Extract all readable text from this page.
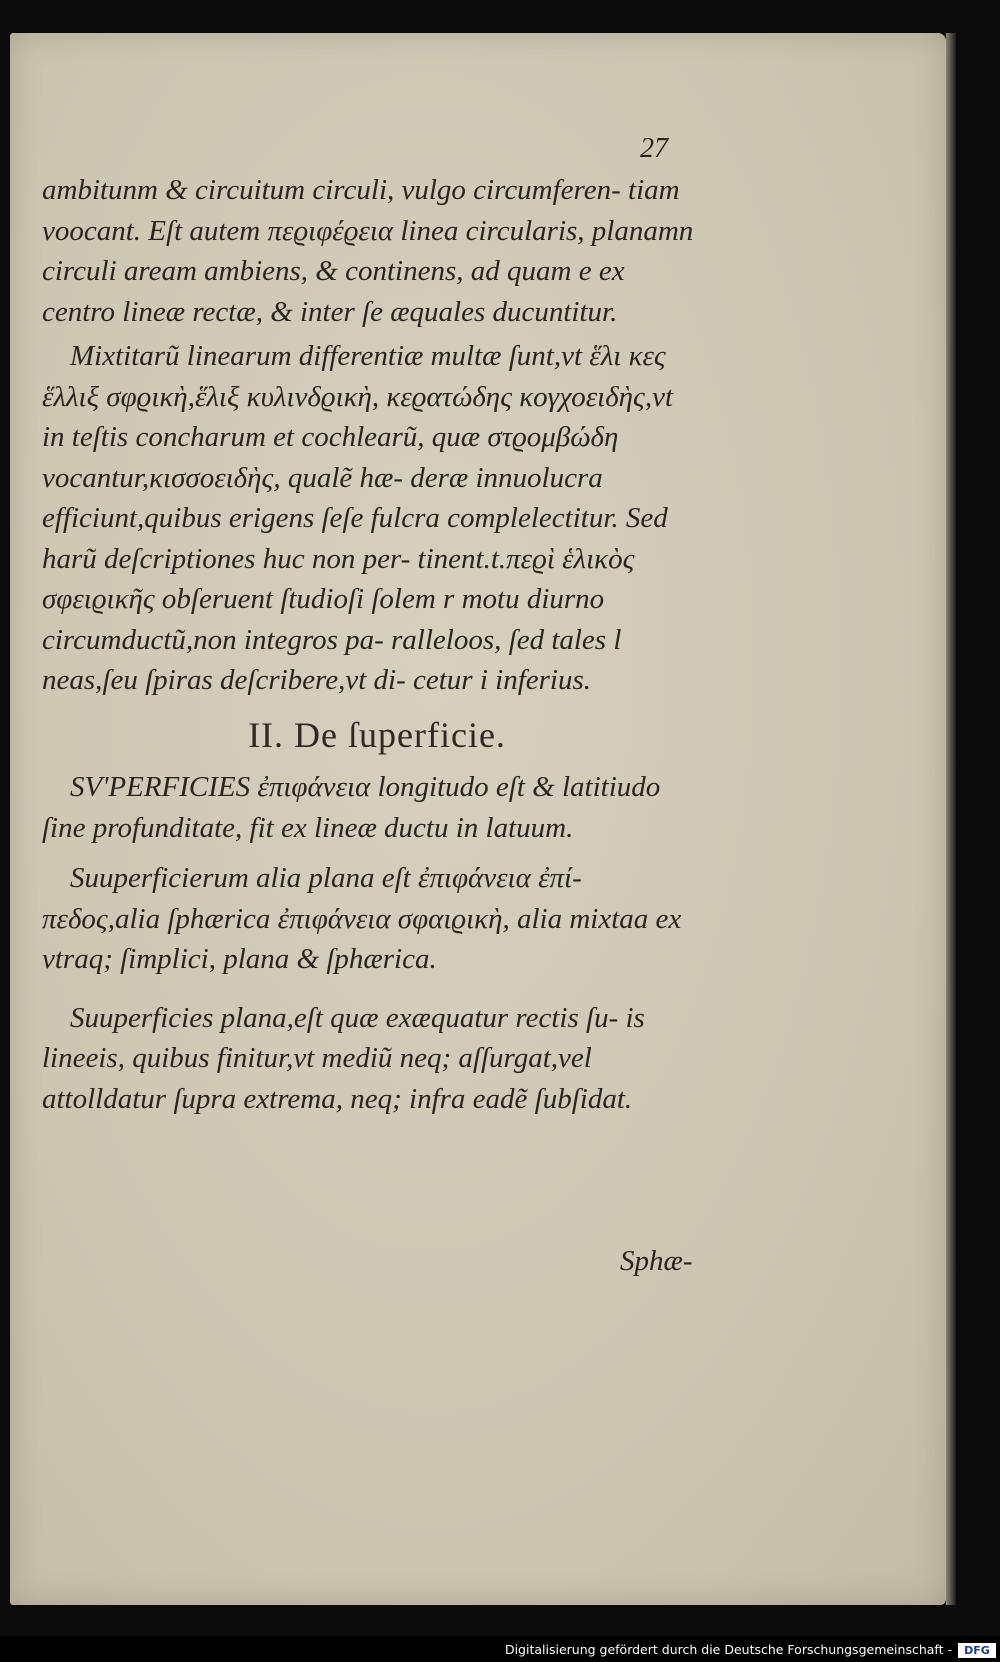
27

ambitunm & circuitum circuli, vulgo circumferen- tiam voocant. Eſt autem πεϱιφέϱεια linea circularis, planamn circuli aream ambiens, & continens, ad quam e ex centro lineæ rectæ, & inter ſe æquales ducuntitur.

Mixtitarũ linearum differentiæ multæ ſunt,vt ἕλι κες ἕλλιξ σφϱικὴ,ἕλιξ κυλινδϱικὴ, κεϱατώδης κογχοειδὴς,vt in teſtis concharum et cochlearũ, quæ στϱομβώδη vocantur,κισσοειδὴς, qualẽ hæ- deræ innuolucra efficiunt,quibus erigens ſeſe fulcra complelectitur. Sed harũ deſcriptiones huc non per- tinent.t.πεϱὶ ἑλικὸς σφειϱικῆς obſeruent ſtudioſi ſolem r motu diurno circumductũ,non integros pa- ralleloos, ſed tales l neas,ſeu ſpiras deſcribere,vt di- cetur i inferius.

II. De ſuperficie.

SV'PERFICIES ἐπιφάνεια longitudo eſt & latitiudo ſine profunditate, fit ex lineæ ductu in latuum.

Suuperficierum alia plana eſt ἐπιφάνεια ἐπί- πεδος,alia ſphærica ἐπιφάνεια σφαιϱικὴ, alia mixtaa ex vtraq; ſimplici, plana & ſphærica.

Suuperficies plana,eſt quæ exæquatur rectis ſu- is lineeis, quibus finitur,vt mediũ neq; aſſurgat,vel attolldatur ſupra extrema, neq; infra eadẽ ſubſidat.

Sphæ-
Digitalisierung gefördert durch die Deutsche Forschungsgemeinschaft -	DFG
